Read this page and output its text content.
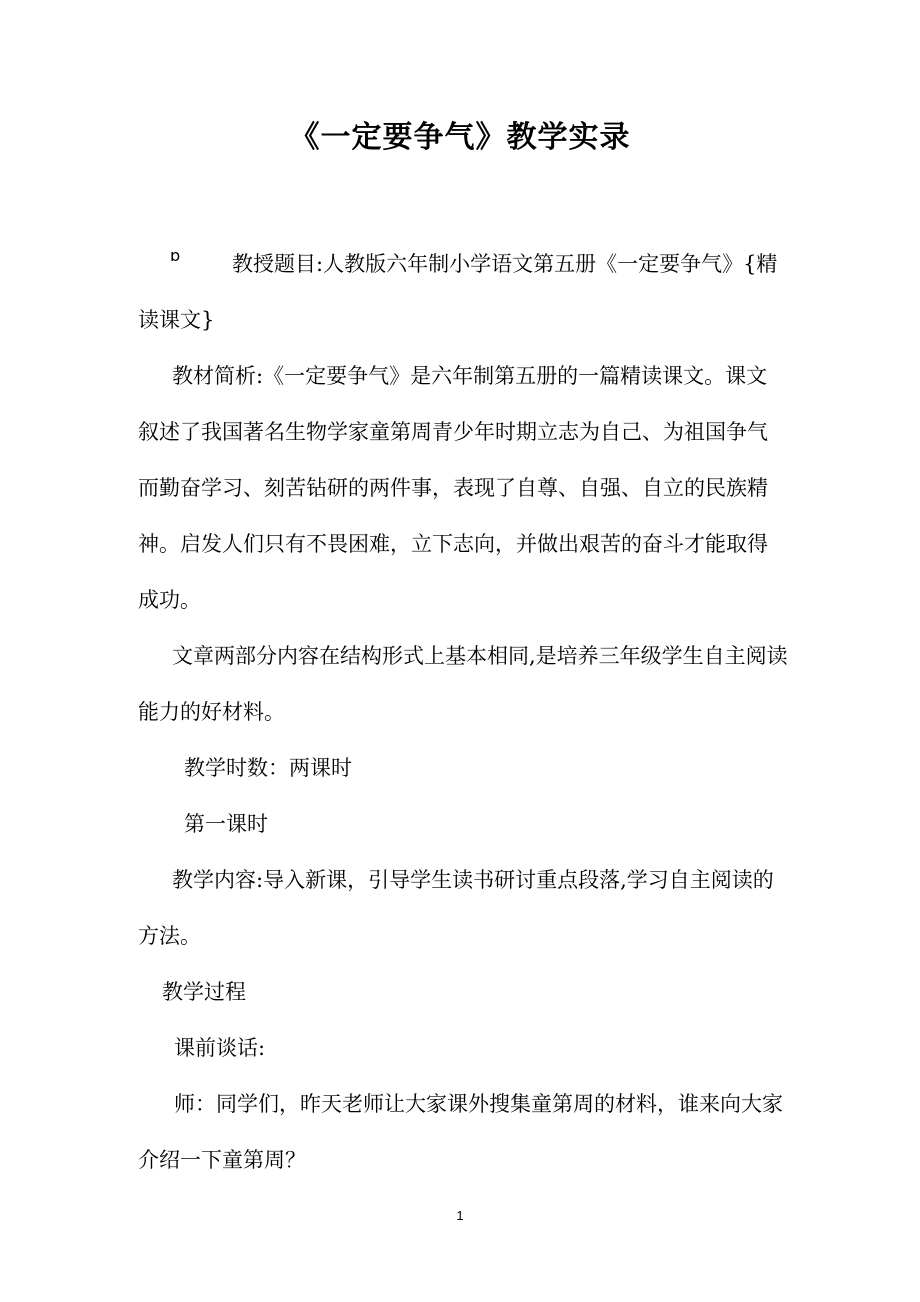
《一定要争气》教学实录
ɒ	教授题目:人教版六年制小学语文第五册《一定要争气》{精读课文}

教材简析:《一定要争气》是六年制第五册的一篇精读课文。课文叙述了我国著名生物学家童第周青少年时期立志为自己、为祖国争气而勤奋学习、刻苦钻研的两件事，表现了自尊、自强、自立的民族精神。启发人们只有不畏困难，立下志向，并做出艰苦的奋斗才能取得成功。

文章两部分内容在结构形式上基本相同,是培养三年级学生自主阅读能力的好材料。

教学时数：两课时

第一课时

教学内容:导入新课，引导学生读书研讨重点段落,学习自主阅读的方法。

教学过程

课前谈话:

师：同学们，昨天老师让大家课外搜集童第周的材料，谁来向大家介绍一下童第周？

1
